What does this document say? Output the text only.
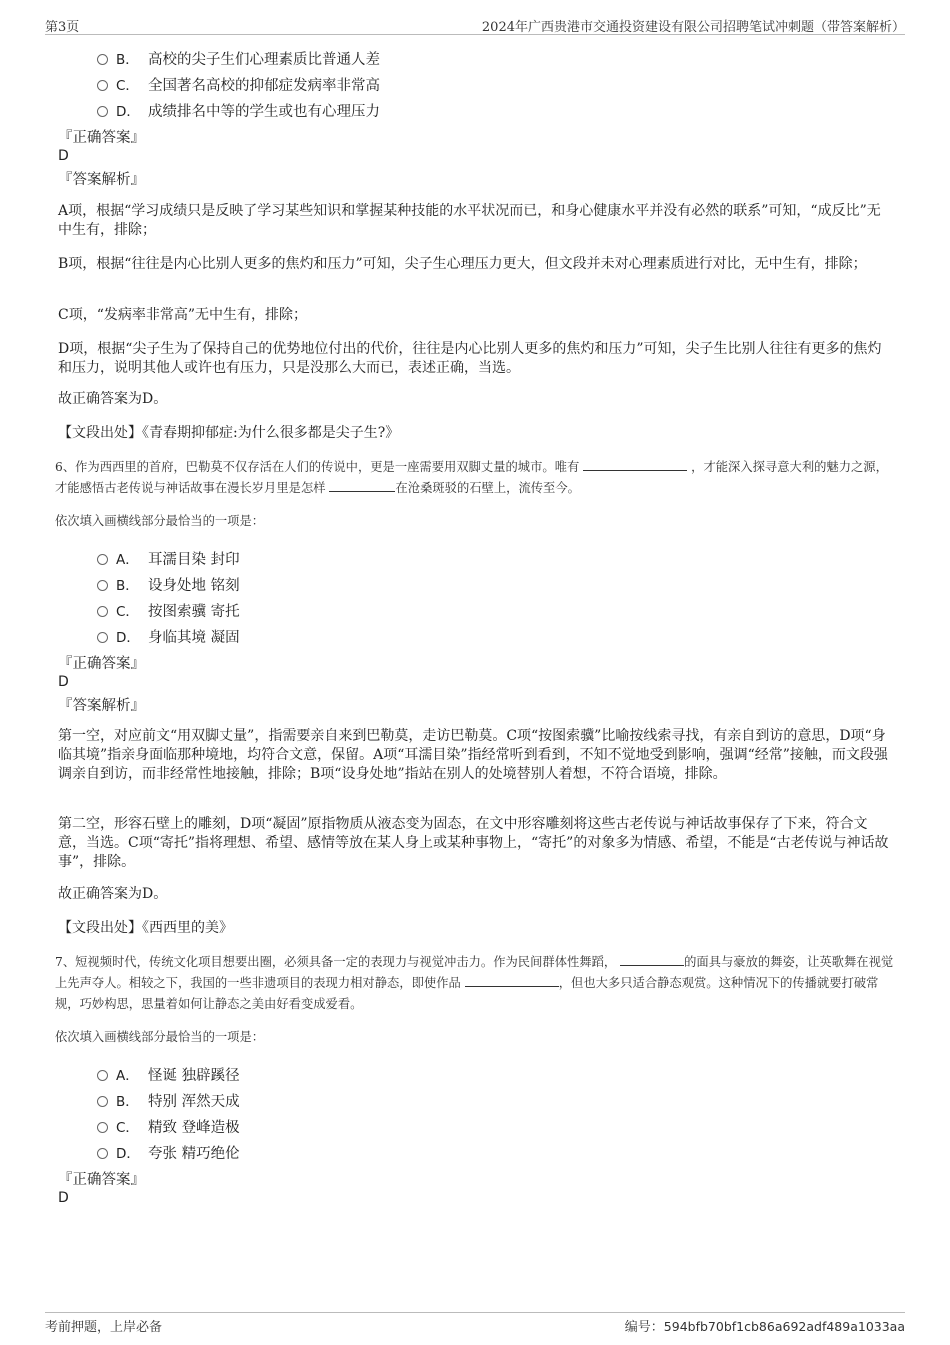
第3页	2024年广西贵港市交通投资建设有限公司招聘笔试冲刺题（带答案解析）
B． 高校的尖子生们心理素质比普通人差
C． 全国著名高校的抑郁症发病率非常高
D． 成绩排名中等的学生或也有心理压力
『正确答案』
D
『答案解析』
A项，根据“学习成绩只是反映了学习某些知识和掌握某种技能的水平状况而已，和身心健康水平并没有必然的联系”可知，“成反比”无中生有，排除；
B项，根据“往往是内心比别人更多的焦灼和压力”可知，尖子生心理压力更大，但文段并未对心理素质进行对比，无中生有，排除；
C项，“发病率非常高”无中生有，排除；
D项，根据“尖子生为了保持自己的优势地位付出的代价，往往是内心比别人更多的焦灼和压力”可知，尖子生比别人往往有更多的焦灼和压力，说明其他人或许也有压力，只是没那么大而已，表述正确，当选。
故正确答案为D。
【文段出处】《青春期抑郁症:为什么很多都是尖子生?》
6、作为西西里的首府，巴勒莫不仅存活在人们的传说中，更是一座需要用双脚丈量的城市。唯有	，才能深入探寻意大利的魅力之源，才能感悟古老传说与神话故事在漫长岁月里是怎样	在沧桑斑驳的石壁上，流传至今。
依次填入画横线部分最恰当的一项是：
A． 耳濡目染 封印
B． 设身处地 铭刻
C． 按图索骥 寄托
D． 身临其境 凝固
『正确答案』
D
『答案解析』
第一空，对应前文“用双脚丈量”，指需要亲自来到巴勒莫，走访巴勒莫。C项“按图索骥”比喻按线索寻找，有亲自到访的意思，D项“身临其境”指亲身面临那种境地，均符合文意，保留。A项“耳濡目染”指经常听到看到，不知不觉地受到影响，强调“经常”接触，而文段强调亲自到访，而非经常性地接触，排除；B项“设身处地”指站在别人的处境替别人着想，不符合语境，排除。
第二空，形容石壁上的雕刻，D项“凝固”原指物质从液态变为固态，在文中形容雕刻将这些古老传说与神话故事保存了下来，符合文意，当选。C项“寄托”指将理想、希望、感情等放在某人身上或某种事物上，“寄托”的对象多为情感、希望，不能是“古老传说与神话故事”，排除。
故正确答案为D。
【文段出处】《西西里的美》
7、短视频时代，传统文化项目想要出圈，必须具备一定的表现力与视觉冲击力。作为民间群体性舞蹈，	的面具与豪放的舞姿，让英歌舞在视觉上先声夺人。相较之下，我国的一些非遗项目的表现力相对静态，即使作品	，但也大多只适合静态观赏。这种情况下的传播就要打破常规，巧妙构思，思量着如何让静态之美由好看变成爱看。
依次填入画横线部分最恰当的一项是：
A． 怪诞 独辟蹊径
B． 特别 浑然天成
C． 精致 登峰造极
D． 夸张 精巧绝伦
『正确答案』
D
考前押题，上岸必备	编号：594bfb70bf1cb86a692adf489a1033aa
